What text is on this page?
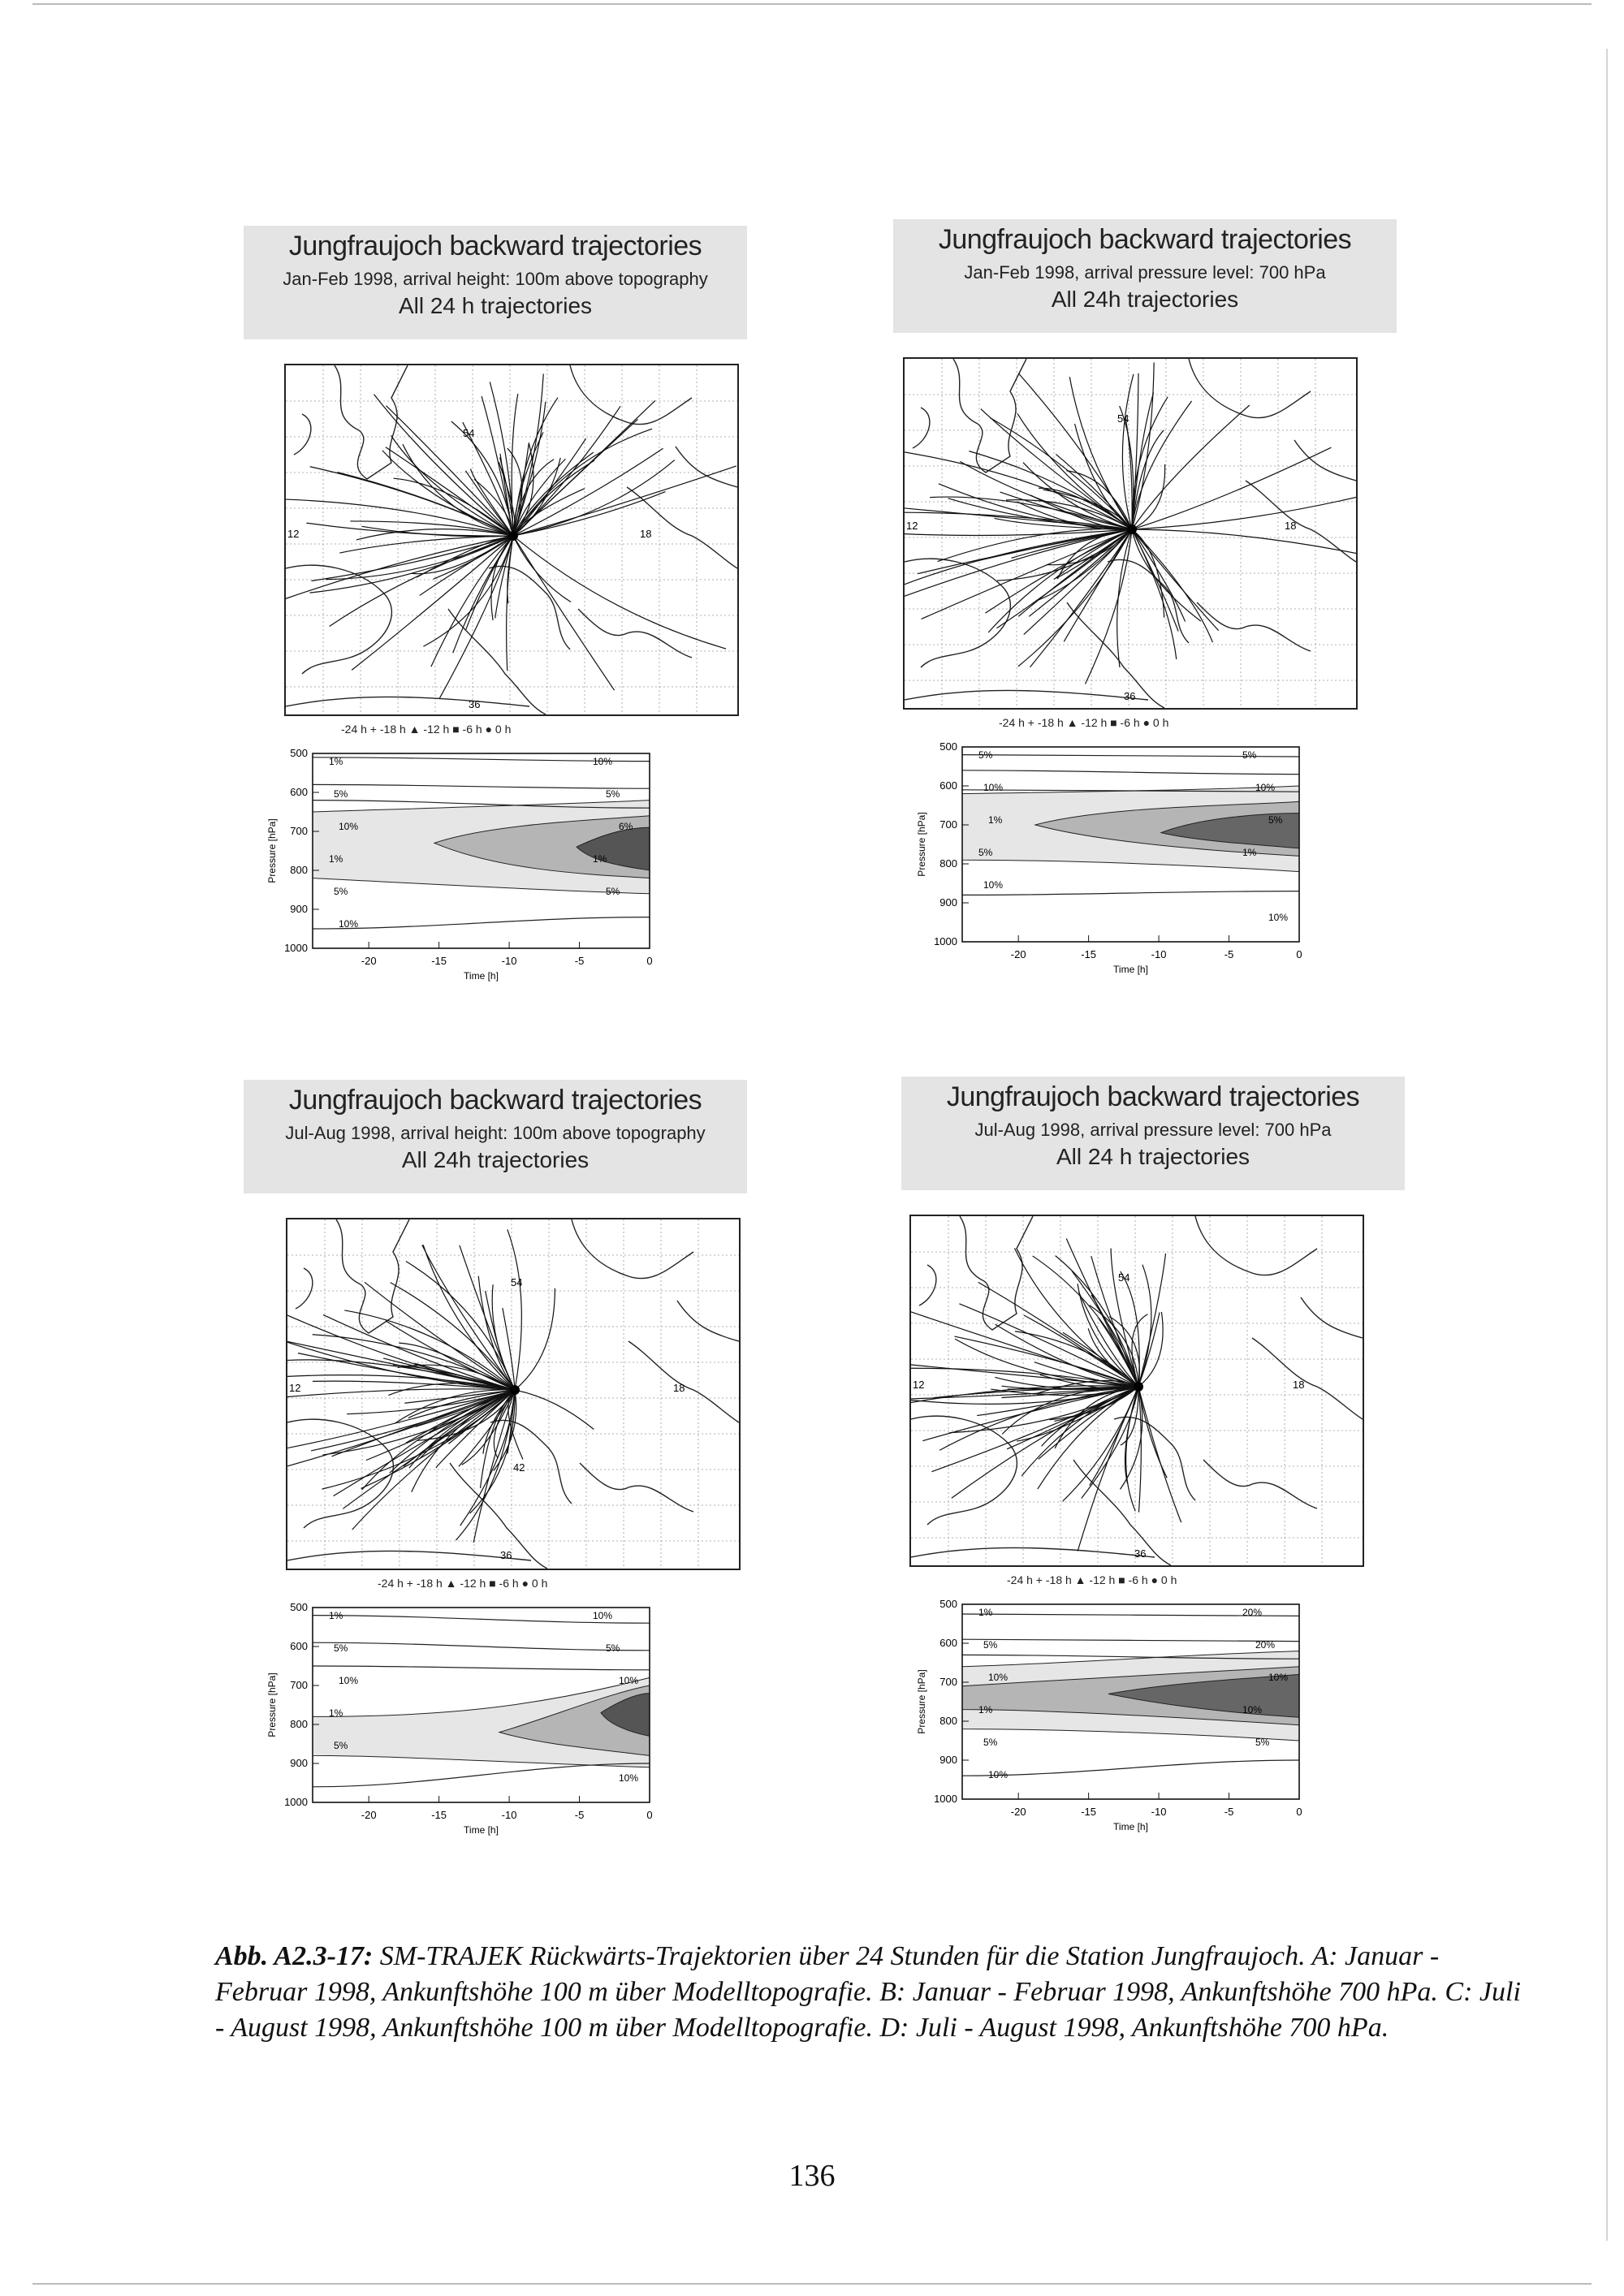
Jungfraujoch backward trajectories
Jan-Feb 1998, arrival height: 100m above topography
All 24 h trajectories
54
36
12	18
-24 h + -18 h ▲ -12 h ■ -6 h ● 0 h
500
600
700
800
900
1000
-20	-15	-10	-5	0
Pressure [hPa]
Time [h]
1%
5%
10%
1%
5%
10%
10%
5%
6%
1%
5%
Jungfraujoch backward trajectories
Jan-Feb 1998, arrival pressure level: 700 hPa
All 24h trajectories
54
36
12	18
-24 h + -18 h ▲ -12 h ■ -6 h ● 0 h
500
600
700
800
900
1000
-20	-15	-10	-5	0
Pressure [hPa]
Time [h]
5%
10%
1%
5%
10%
10%
5%
10%
5%
1%
Jungfraujoch backward trajectories
Jul-Aug 1998, arrival height: 100m above topography
All 24h trajectories
54
36
12	18
42
-24 h + -18 h ▲ -12 h ■ -6 h ● 0 h
500
600
700
800
900
1000
-20	-15	-10	-5	0
Pressure [hPa]
Time [h]
1%
5%
10%
1%
5%
10%
10%
5%
10%
Jungfraujoch backward trajectories
Jul-Aug 1998, arrival pressure level: 700 hPa
All 24 h trajectories
54
36
12	18
-24 h + -18 h ▲ -12 h ■ -6 h ● 0 h
500
600
700
800
900
1000
-20	-15	-10	-5	0
Pressure [hPa]
Time [h]
1%
5%
10%
1%
5%
10%
20%
20%
10%
10%
5%
Abb. A2.3-17: SM-TRAJEK Rückwärts-Trajektorien über 24 Stunden für die Station Jungfraujoch. A: Januar - Februar 1998, Ankunftshöhe 100 m über Modelltopografie. B: Januar - Februar 1998, Ankunftshöhe 700 hPa. C: Juli - August 1998, Ankunftshöhe 100 m über Modelltopografie. D: Juli - August 1998, Ankunftshöhe 700 hPa.
136
